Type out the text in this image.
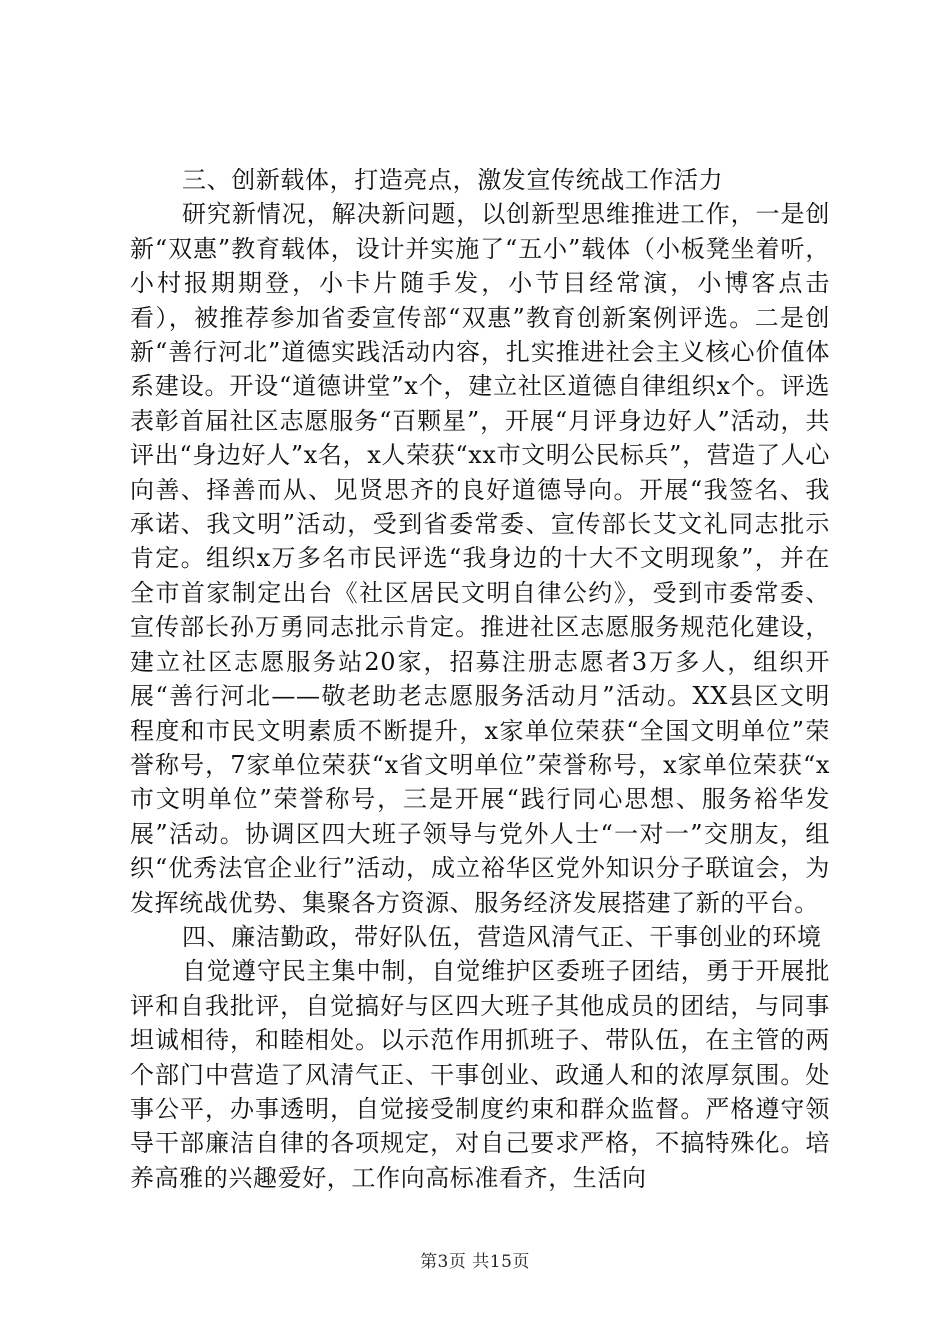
三、创新载体，打造亮点，激发宣传统战工作活力

研究新情况，解决新问题，以创新型思维推进工作，一是创新“双惠”教育载体，设计并实施了“五小”载体（小板凳坐着听，小村报期期登，小卡片随手发，小节目经常演，小博客点击看），被推荐参加省委宣传部“双惠”教育创新案例评选。二是创新“善行河北”道德实践活动内容，扎实推进社会主义核心价值体系建设。开设“道德讲堂”x个，建立社区道德自律组织x个。评选表彰首届社区志愿服务“百颗星”，开展“月评身边好人”活动，共评出“身边好人”x名，x人荣获“xx市文明公民标兵”，营造了人心向善、择善而从、见贤思齐的良好道德导向。开展“我签名、我承诺、我文明”活动，受到省委常委、宣传部长艾文礼同志批示肯定。组织x万多名市民评选“我身边的十大不文明现象”，并在全市首家制定出台《社区居民文明自律公约》，受到市委常委、宣传部长孙万勇同志批示肯定。推进社区志愿服务规范化建设，建立社区志愿服务站20家，招募注册志愿者3万多人，组织开展“善行河北——敬老助老志愿服务活动月”活动。XX县区文明程度和市民文明素质不断提升，x家单位荣获“全国文明单位”荣誉称号，7家单位荣获“x省文明单位”荣誉称号，x家单位荣获“x市文明单位”荣誉称号，三是开展“践行同心思想、服务裕华发展”活动。协调区四大班子领导与党外人士“一对一”交朋友，组织“优秀法官企业行”活动，成立裕华区党外知识分子联谊会，为发挥统战优势、集聚各方资源、服务经济发展搭建了新的平台。

四、廉洁勤政，带好队伍，营造风清气正、干事创业的环境

自觉遵守民主集中制，自觉维护区委班子团结，勇于开展批评和自我批评，自觉搞好与区四大班子其他成员的团结，与同事坦诚相待，和睦相处。以示范作用抓班子、带队伍，在主管的两个部门中营造了风清气正、干事创业、政通人和的浓厚氛围。处事公平，办事透明，自觉接受制度约束和群众监督。严格遵守领导干部廉洁自律的各项规定，对自己要求严格，不搞特殊化。培养高雅的兴趣爱好，工作向高标准看齐，生活向

第3页 共15页
